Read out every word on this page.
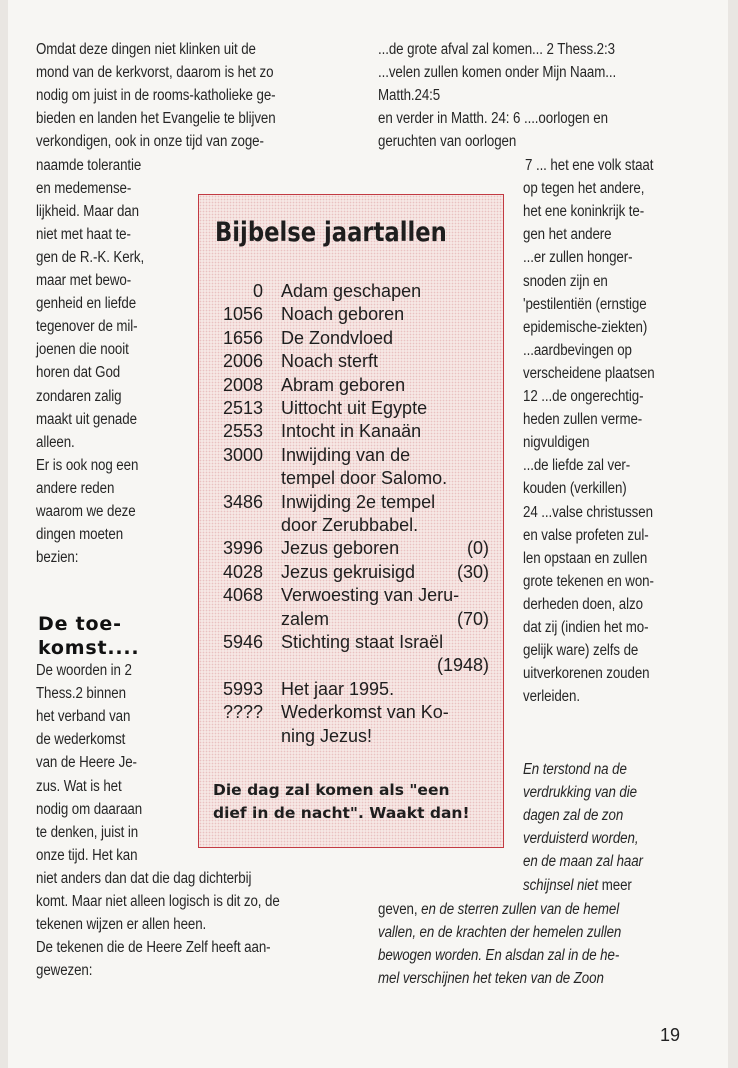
Omdat deze dingen niet klinken uit de
mond van de kerkvorst, daarom is het zo
nodig om juist in de rooms-katholieke ge-
bieden en landen het Evangelie te blijven
verkondigen, ook in onze tijd van zoge-
naamde tolerantie
en medemense-
lijkheid. Maar dan
niet met haat te-
gen de R.-K. Kerk,
maar met bewo-
genheid en liefde
tegenover de mil-
joenen die nooit
horen dat God
zondaren zalig
maakt uit genade
alleen.
Er is ook nog een
andere reden
waarom we deze
dingen moeten
bezien:
De toe-
komst....
De woorden in 2
Thess.2 binnen
het verband van
de wederkomst
van de Heere Je-
zus. Wat is het
nodig om daaraan
te denken, juist in
onze tijd. Het kan
niet anders dan dat die dag dichterbij
komt. Maar niet alleen logisch is dit zo, de
tekenen wijzen er allen heen.
De tekenen die de Heere Zelf heeft aan-
gewezen:
...de grote afval zal komen... 2 Thess.2:3
...velen zullen komen onder Mijn Naam...
Matth.24:5
en verder in Matth. 24: 6 ....oorlogen en
geruchten van oorlogen
7 ... het ene volk staat
op tegen het andere,
het ene koninkrijk te-
gen het andere
...er zullen honger-
snoden zijn en
'pestilentiën (ernstige
epidemische-ziekten)
...aardbevingen op
verscheidene plaatsen
12 ...de ongerechtig-
heden zullen verme-
nigvuldigen
...de liefde zal ver-
kouden (verkillen)
24 ...valse christussen
en valse profeten zul-
len opstaan en zullen
grote tekenen en won-
derheden doen, alzo
dat zij (indien het mo-
gelijk ware) zelfs de
uitverkorenen zouden
verleiden.
En terstond na de
verdrukking van die
dagen zal de zon
verduisterd worden,
en de maan zal haar
schijnsel niet meer
geven, en de sterren zullen van de hemel
vallen, en de krachten der hemelen zullen
bewogen worden. En alsdan zal in de he-
mel verschijnen het teken van de Zoon
Bijbelse jaartallen
0 Adam geschapen
1056 Noach geboren
1656 De Zondvloed
2006 Noach sterft
2008 Abram geboren
2513 Uittocht uit Egypte
2553 Intocht in Kanaän
3000 Inwijding van de
tempel door Salomo.
3486 Inwijding 2e tempel
door Zerubbabel.
3996 Jezus geboren	(0)
4028 Jezus gekruisigd	(30)
4068 Verwoesting van Jeru-
zalem	(70)
5946 Stichting staat Israël
(1948)
5993 Het jaar 1995.
???? Wederkomst van Ko-
ning Jezus!
Die dag zal komen als "een
dief in de nacht". Waakt dan!
19
